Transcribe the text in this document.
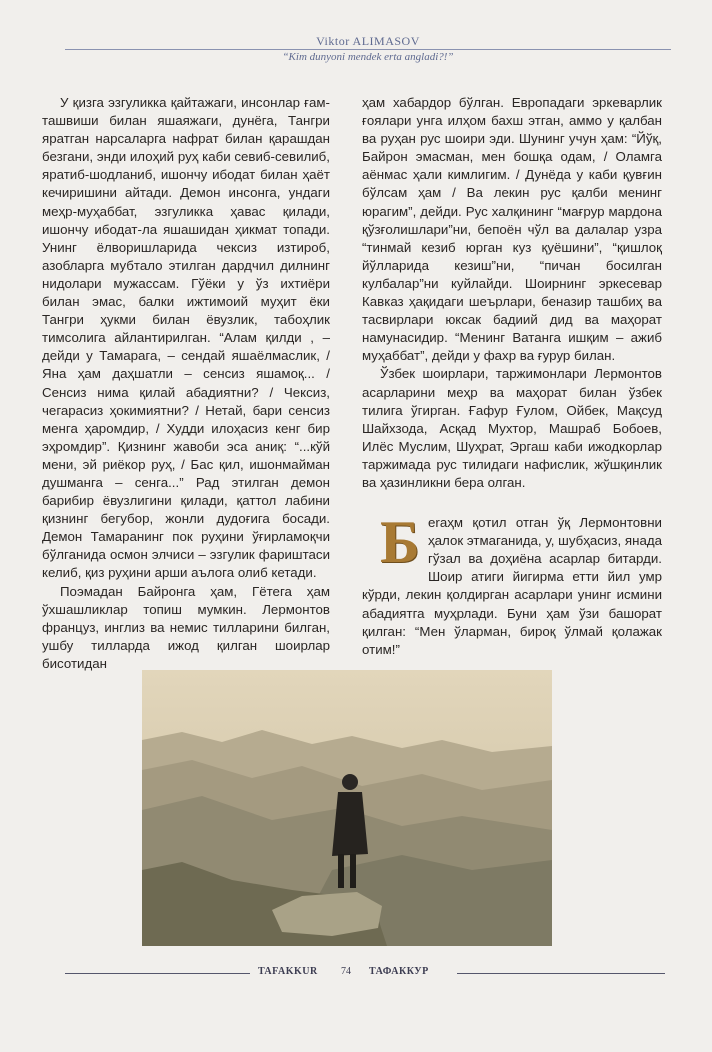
Viktor ALIMASOV
“Kim dunyoni mendek erta angladi?!”

У қизга эзгуликка қайтажаги, инсонлар ғам-ташвиши билан яшаяжаги, дунёга, Тангри яратган нарсаларга нафрат билан қарашдан безгани, энди илоҳий руҳ каби севиб-севилиб, яратиб-шодланиб, ишончу ибодат билан ҳаёт кечиришини айтади. Демон инсонга, ундаги меҳр-муҳаббат, эзгуликка ҳавас қилади, ишончу ибодат-ла яшашидан ҳикмат топади. Унинг ёлворишларида чексиз изтироб, азобларга мубтало этилган дардчил дилнинг нидолари мужассам. Гўёки у ўз ихтиёри билан эмас, балки ижтимоий муҳит ёки Тангри ҳукми билан ёвузлик, табоҳлик тимсолига айлантирилган. “Алам қилди , – дейди у Тамарага, – сендай яшаёлмаслик, / Яна ҳам даҳшатли – сенсиз яшамоқ... / Сенсиз нима қилай абадиятни? / Чексиз, чегарасиз ҳокимиятни? / Нетай, бари сенсиз менга ҳаромдир, / Худди илоҳасиз кенг бир эҳромдир”. Қизнинг жавоби эса аниқ: “...кўй мени, эй риёкор руҳ, / Бас қил, ишонмайман душманга – сенга...” Рад этилган демон барибир ёвузлигини қилади, қаттол лабини қизнинг бегубор, жонли дудоғига босади. Демон Тамаранинг пок руҳини ўғирламоқчи бўлганида осмон элчиси – эзгулик фариштаси келиб, қиз руҳини арши аълога олиб кетади.

Поэмадан Байронга ҳам, Гётега ҳам ўхшашликлар топиш мумкин. Лермонтов француз, инглиз ва немис тилларини билган, ушбу тилларда ижод қилган шоирлар бисотидан

ҳам хабардор бўлган. Европадаги эркеварлик ғоялари унга илҳом бахш этган, аммо у қалбан ва руҳан рус шоири эди. Шунинг учун ҳам: “Йўқ, Байрон эмасман, мен бошқа одам, / Оламга аёнмас ҳали кимлигим. / Дунёда у каби қувғин бўлсам ҳам / Ва лекин рус қалби менинг юрагим”, дейди. Рус халқининг “мағрур мардона қўзғолишлари”ни, бепоён чўл ва далалар узра “тинмай кезиб юрган куз қуёшини”, “қишлоқ йўлларида кезиш”ни, “пичан босилган кулбалар”ни куйлайди. Шоирнинг эркесевар Кавказ ҳақидаги шеърлари, беназир ташбиҳ ва тасвирлари юксак бадиий дид ва маҳорат намунасидир. “Менинг Ватанга ишқим – ажиб муҳаббат”, дейди у фахр ва ғурур билан.

Ўзбек шоирлари, таржимонлари Лермонтов асарларини меҳр ва маҳорат билан ўзбек тилига ўгирган. Ғафур Ғулом, Ойбек, Мақсуд Шайхзода, Асқад Мухтор, Машраб Бобоев, Илёс Муслим, Шуҳрат, Эргаш каби ижодкорлар таржимада рус тилидаги нафислик, жўшқинлик ва ҳазинликни бера олган.

Беraҳм қотил отган ўқ Лермонтовни ҳалок этмаганида, у, шубҳасиз, янада гўзал ва доҳиёна асарлар битарди. Шоир атиги йигирма етти йил умр кўрди, лекин қолдирган асарлари унинг исмини абадиятга муҳрлади. Буни ҳам ўзи башорат қилган: “Мен ўларман, бироқ ўлмай қолажак отим!”

TAFAKKUR 74 ТАФАККУР
